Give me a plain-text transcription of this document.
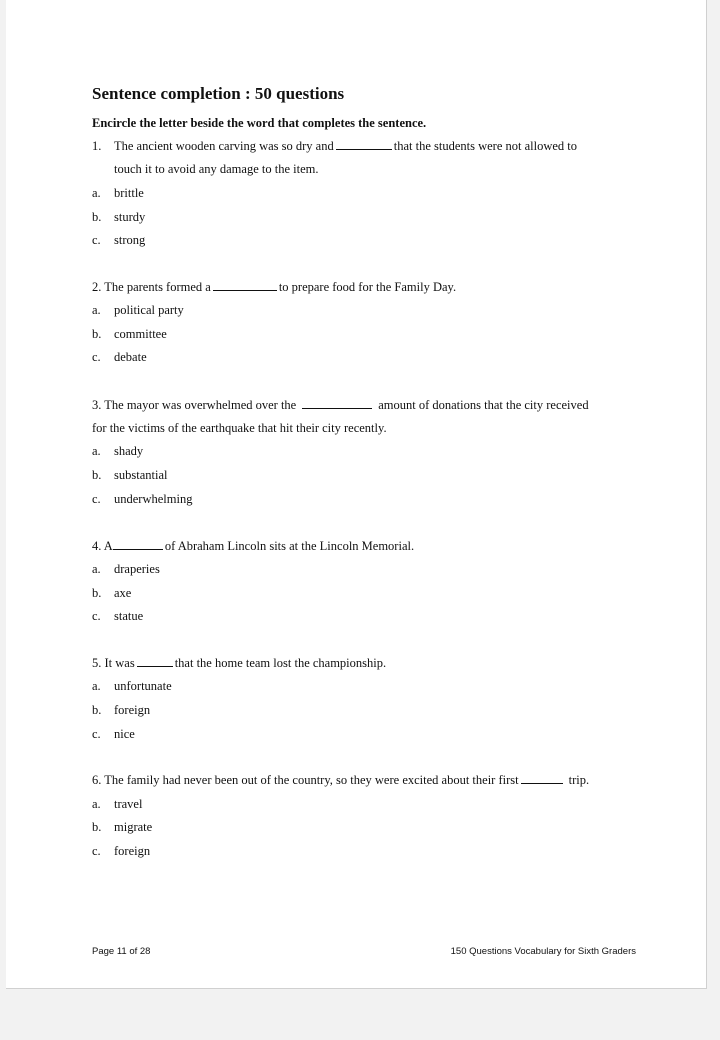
Sentence completion : 50 questions
Encircle the letter beside the word that completes the sentence.
1. The ancient wooden carving was so dry and	that the students were not allowed to
touch it to avoid any damage to the item.
a. brittle
b. sturdy
c. strong
2. The parents formed a	to prepare food for the Family Day.
a. political party
b. committee
c. debate
3. The mayor was overwhelmed over the	amount of donations that the city received
for the victims of the earthquake that hit their city recently.
a. shady
b. substantial
c. underwhelming
4. A	of Abraham Lincoln sits at the Lincoln Memorial.
a. draperies
b. axe
c. statue
5. It was	that the home team lost the championship.
a. unfortunate
b. foreign
c. nice
6. The family had never been out of the country, so they were excited about their first	trip.
a. travel
b. migrate
c. foreign
Page 11 of 28	150 Questions Vocabulary for Sixth Graders
